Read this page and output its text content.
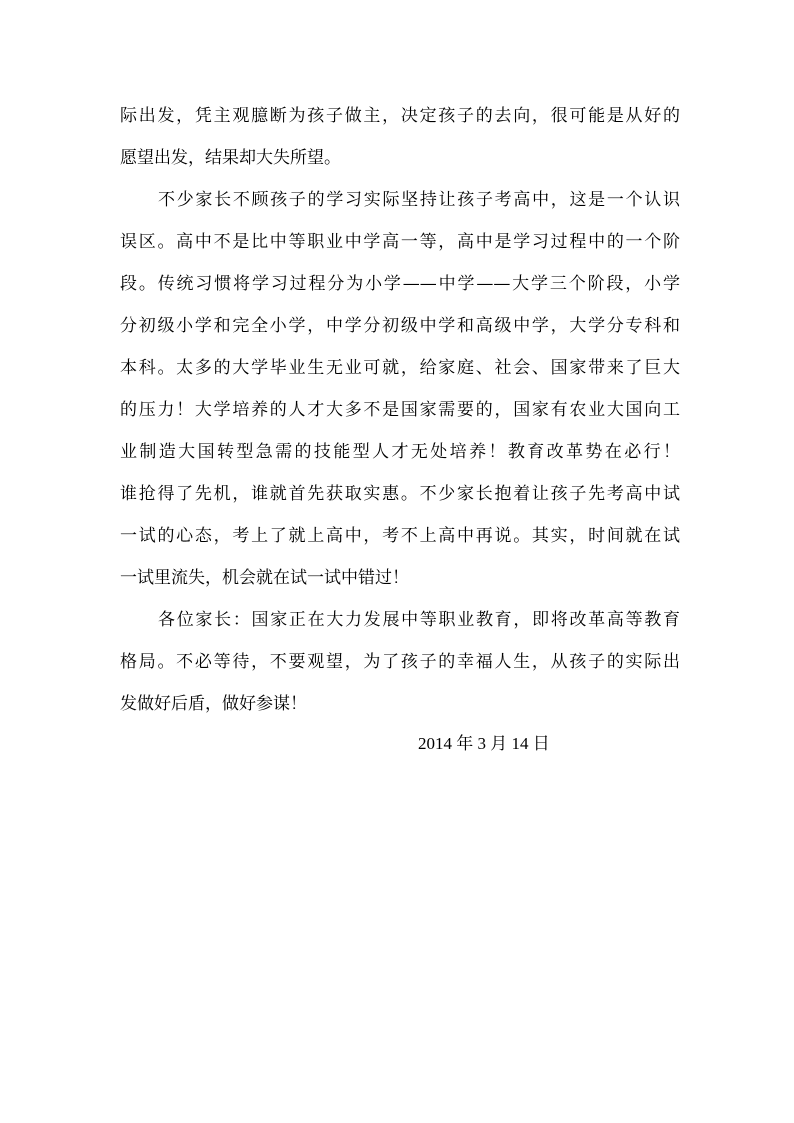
际出发，凭主观臆断为孩子做主，决定孩子的去向，很可能是从好的
愿望出发，结果却大失所望。
不少家长不顾孩子的学习实际坚持让孩子考高中，这是一个认识
误区。高中不是比中等职业中学高一等，高中是学习过程中的一个阶
段。传统习惯将学习过程分为小学——中学——大学三个阶段，小学
分初级小学和完全小学，中学分初级中学和高级中学，大学分专科和
本科。太多的大学毕业生无业可就，给家庭、社会、国家带来了巨大
的压力！大学培养的人才大多不是国家需要的，国家有农业大国向工
业制造大国转型急需的技能型人才无处培养！教育改革势在必行！
谁抢得了先机，谁就首先获取实惠。不少家长抱着让孩子先考高中试
一试的心态，考上了就上高中，考不上高中再说。其实，时间就在试
一试里流失，机会就在试一试中错过！
各位家长：国家正在大力发展中等职业教育，即将改革高等教育
格局。不必等待，不要观望，为了孩子的幸福人生，从孩子的实际出
发做好后盾，做好参谋！
2014 年 3 月 14 日
